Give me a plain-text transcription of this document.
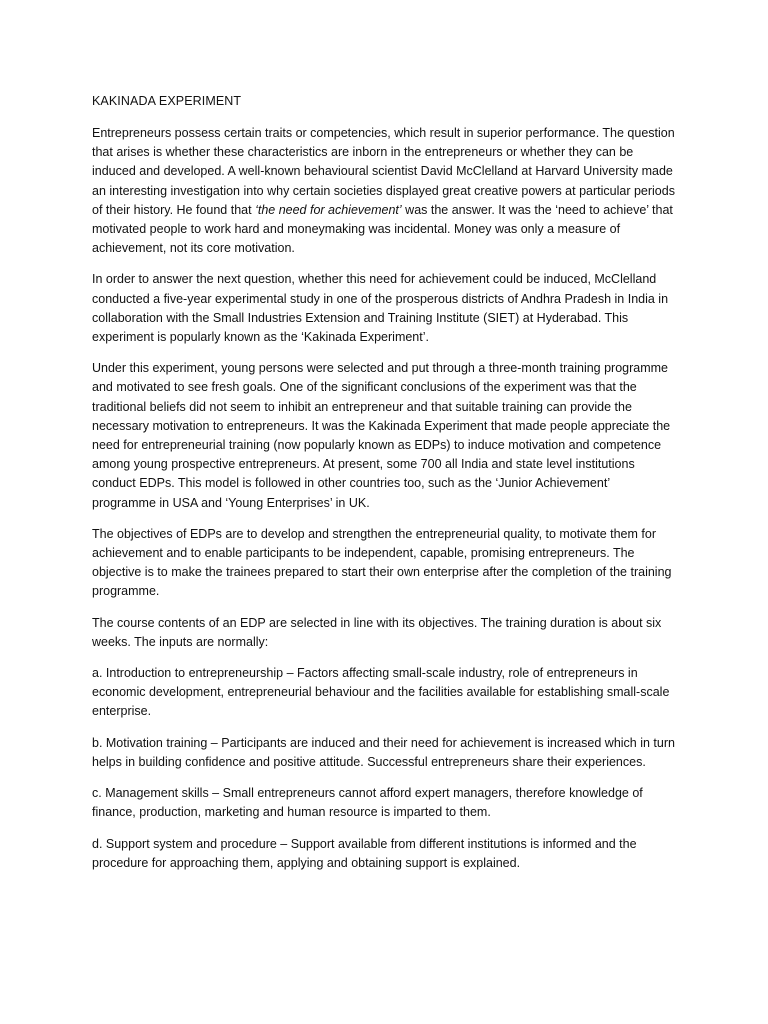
KAKINADA EXPERIMENT

Entrepreneurs possess certain traits or competencies, which result in superior performance. The question that arises is whether these characteristics are inborn in the entrepreneurs or whether they can be induced and developed. A well-known behavioural scientist David McClelland at Harvard University made an interesting investigation into why certain societies displayed great creative powers at particular periods of their history. He found that ‘the need for achievement’ was the answer. It was the ‘need to achieve’ that motivated people to work hard and moneymaking was incidental. Money was only a measure of achievement, not its core motivation.

In order to answer the next question, whether this need for achievement could be induced, McClelland conducted a five-year experimental study in one of the prosperous districts of Andhra Pradesh in India in collaboration with the Small Industries Extension and Training Institute (SIET) at Hyderabad. This experiment is popularly known as the ‘Kakinada Experiment’.

Under this experiment, young persons were selected and put through a three-month training programme and motivated to see fresh goals. One of the significant conclusions of the experiment was that the traditional beliefs did not seem to inhibit an entrepreneur and that suitable training can provide the necessary motivation to entrepreneurs. It was the Kakinada Experiment that made people appreciate the need for entrepreneurial training (now popularly known as EDPs) to induce motivation and competence among young prospective entrepreneurs. At present, some 700 all India and state level institutions conduct EDPs. This model is followed in other countries too, such as the ‘Junior Achievement’ programme in USA and ‘Young Enterprises’ in UK.

The objectives of EDPs are to develop and strengthen the entrepreneurial quality, to motivate them for achievement and to enable participants to be independent, capable, promising entrepreneurs. The objective is to make the trainees prepared to start their own enterprise after the completion of the training programme.

The course contents of an EDP are selected in line with its objectives. The training duration is about six weeks. The inputs are normally:

a. Introduction to entrepreneurship – Factors affecting small-scale industry, role of entrepreneurs in economic development, entrepreneurial behaviour and the facilities available for establishing small-scale enterprise.

b. Motivation training – Participants are induced and their need for achievement is increased which in turn helps in building confidence and positive attitude. Successful entrepreneurs share their experiences.

c. Management skills – Small entrepreneurs cannot afford expert managers, therefore knowledge of finance, production, marketing and human resource is imparted to them.

d. Support system and procedure – Support available from different institutions is informed and the procedure for approaching them, applying and obtaining support is explained.
